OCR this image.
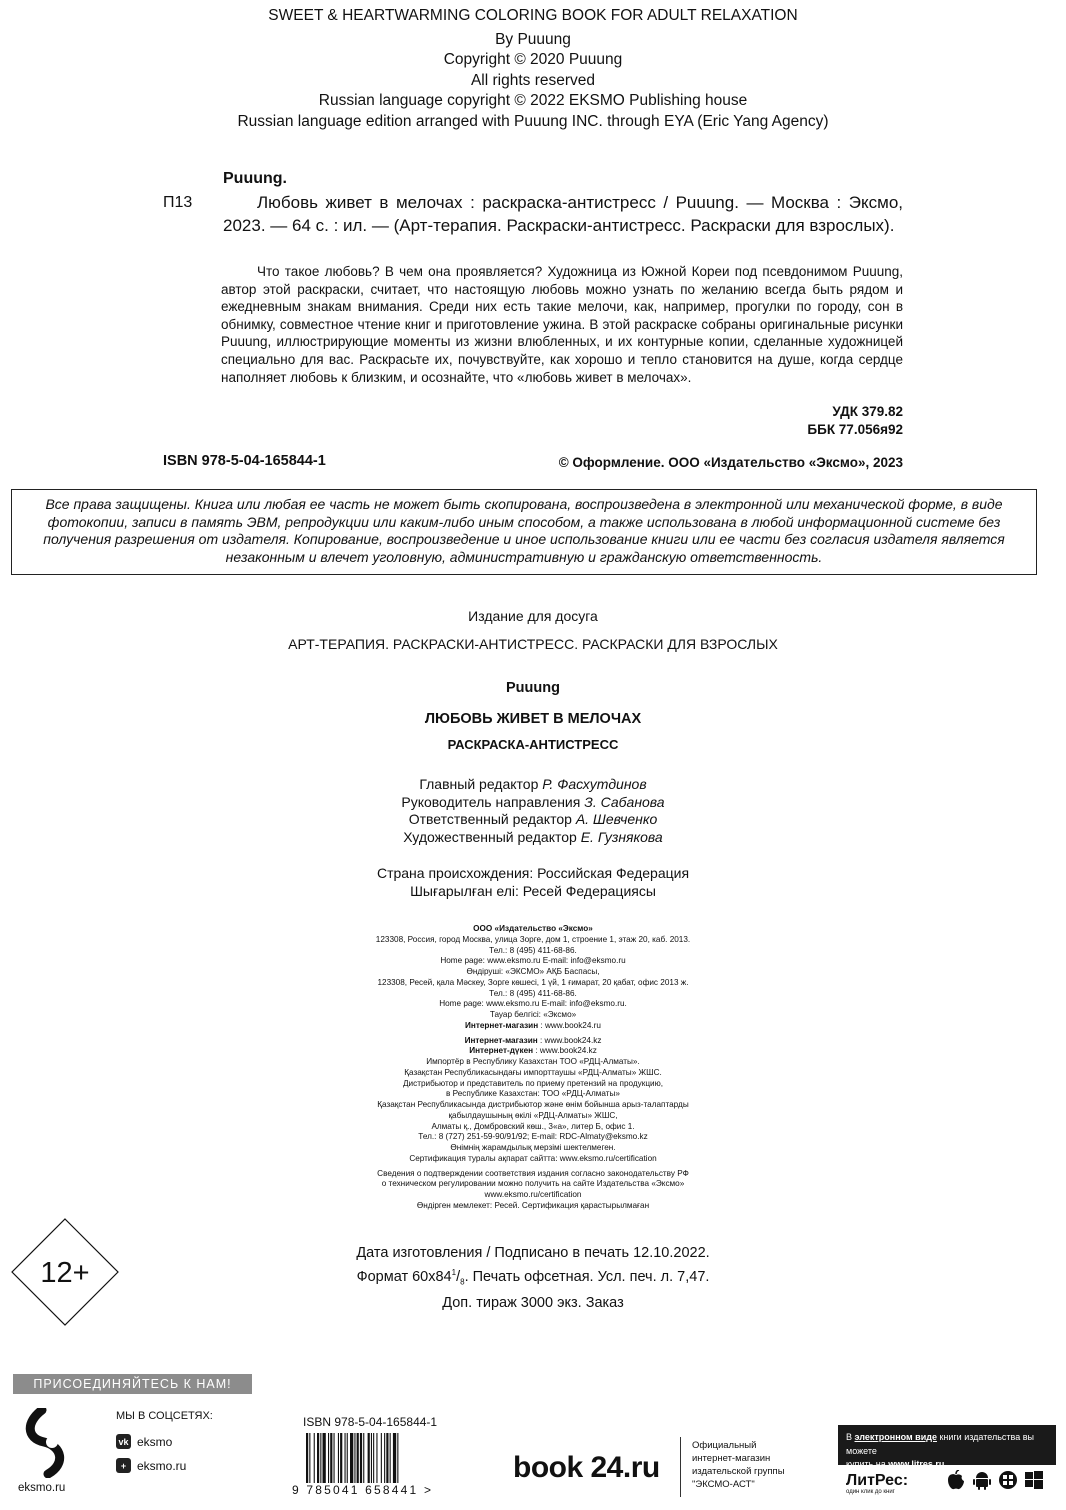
SWEET & HEARTWARMING COLORING BOOK FOR ADULT RELAXATION
By Puuung
Copyright © 2020 Puuung
All rights reserved
Russian language copyright © 2022 EKSMO Publishing house
Russian language edition arranged with Puuung INC. through EYA (Eric Yang Agency)
Puuung.
П13	Любовь живет в мелочах : раскраска-антистресс / Puuung. — Москва : Эксмо, 2023. — 64 с. : ил. — (Арт-терапия. Раскраски-антистресс. Раскраски для взрослых).
Что такое любовь? В чем она проявляется? Художница из Южной Кореи под псевдонимом Puuung, автор этой раскраски, считает, что настоящую любовь можно узнать по желанию всегда быть рядом и ежедневным знакам внимания. Среди них есть такие мелочи, как, например, прогулки по городу, сон в обнимку, совместное чтение книг и приготовление ужина. В этой раскраске собраны оригинальные рисунки Puuung, иллюстрирующие моменты из жизни влюбленных, и их контурные копии, сделанные художницей специально для вас. Раскрасьте их, почувствуйте, как хорошо и тепло становится на душе, когда сердце наполняет любовь к близким, и осознайте, что «любовь живет в мелочах».
УДК 379.82
ББК 77.056я92
ISBN 978-5-04-165844-1	© Оформление. ООО «Издательство «Эксмо», 2023
Все права защищены. Книга или любая ее часть не может быть скопирована, воспроизведена в электронной или механической форме, в виде фотокопии, записи в память ЭВМ, репродукции или каким-либо иным способом, а также использована в любой информационной системе без получения разрешения от издателя. Копирование, воспроизведение и иное использование книги или ее части без согласия издателя является незаконным и влечет уголовную, административную и гражданскую ответственность.
Издание для досуга
АРТ-ТЕРАПИЯ. РАСКРАСКИ-АНТИСТРЕСС. РАСКРАСКИ ДЛЯ ВЗРОСЛЫХ
Puuung
ЛЮБОВЬ ЖИВЕТ В МЕЛОЧАХ
РАСКРАСКА-АНТИСТРЕСС
Главный редактор Р. Фасхутдинов
Руководитель направления З. Сабанова
Ответственный редактор А. Шевченко
Художественный редактор Е. Гузнякова
Страна происхождения: Российская Федерация
Шығарылған елі: Ресей Федерациясы
ООО «Издательство «Эксмо»
123308, Россия, город Москва, улица Зорге, дом 1, строение 1, этаж 20, каб. 2013.
Тел.: 8 (495) 411-68-86.
Home page: www.eksmo.ru E-mail: info@eksmo.ru
Өндіруші: «ЭКСМО» АҚБ Баспасы,
123308, Ресей, қала Мәскеу, Зорге көшесі, 1 үй, 1 ғимарат, 20 қабат, офис 2013 ж.
Тел.: 8 (495) 411-68-86.
Home page: www.eksmo.ru E-mail: info@eksmo.ru.
Тауар белгісі: «Эксмо»
Интернет-магазин : www.book24.ru
Интернет-магазин : www.book24.kz
Интернет-дүкен : www.book24.kz
Импортёр в Республику Казахстан ТОО «РДЦ-Алматы».
Қазақстан Республикасындағы импорттаушы «РДЦ-Алматы» ЖШС.
Дистрибьютор и представитель по приему претензий на продукцию,
в Республике Казахстан: ТОО «РДЦ-Алматы»
Қазақстан Республикасында дистрибьютор және өнім бойынша арыз-талаптарды
қабылдаушының өкілі «РДЦ-Алматы» ЖШС,
Алматы қ., Домбровский көш., 3«а», литер Б, офис 1.
Тел.: 8 (727) 251-59-90/91/92; E-mail: RDC-Almaty@eksmo.kz
Өнімнің жарамдылық мерзімі шектелмеген.
Сертификация туралы ақпарат сайтта: www.eksmo.ru/certification
Сведения о подтверждении соответствия издания согласно законодательству РФ
о техническом регулировании можно получить на сайте Издательства «Эксмо»
www.eksmo.ru/certification
Өндірген мемлекет: Ресей. Сертификация қарастырылмаған
12+
Дата изготовления / Подписано в печать 12.10.2022.
Формат $60х84^1/_8$. Печать офсетная. Усл. печ. л. 7,47.
Доп. тираж 3000 экз. Заказ
ПРИСОЕДИНЯЙТЕСЬ К НАМ!
eksmo.ru
МЫ В СОЦСЕТЯХ:
vk eksmo
+ eksmo.ru
ISBN 978-5-04-165844-1
9 785041 658441 >
book 24.ru
Официальный
интернет-магазин
издательской группы
"ЭКСМО-АСТ"
В электронном виде книги издательства вы можете
купить на www.litres.ru
ЛитРес:
один клик до книг
